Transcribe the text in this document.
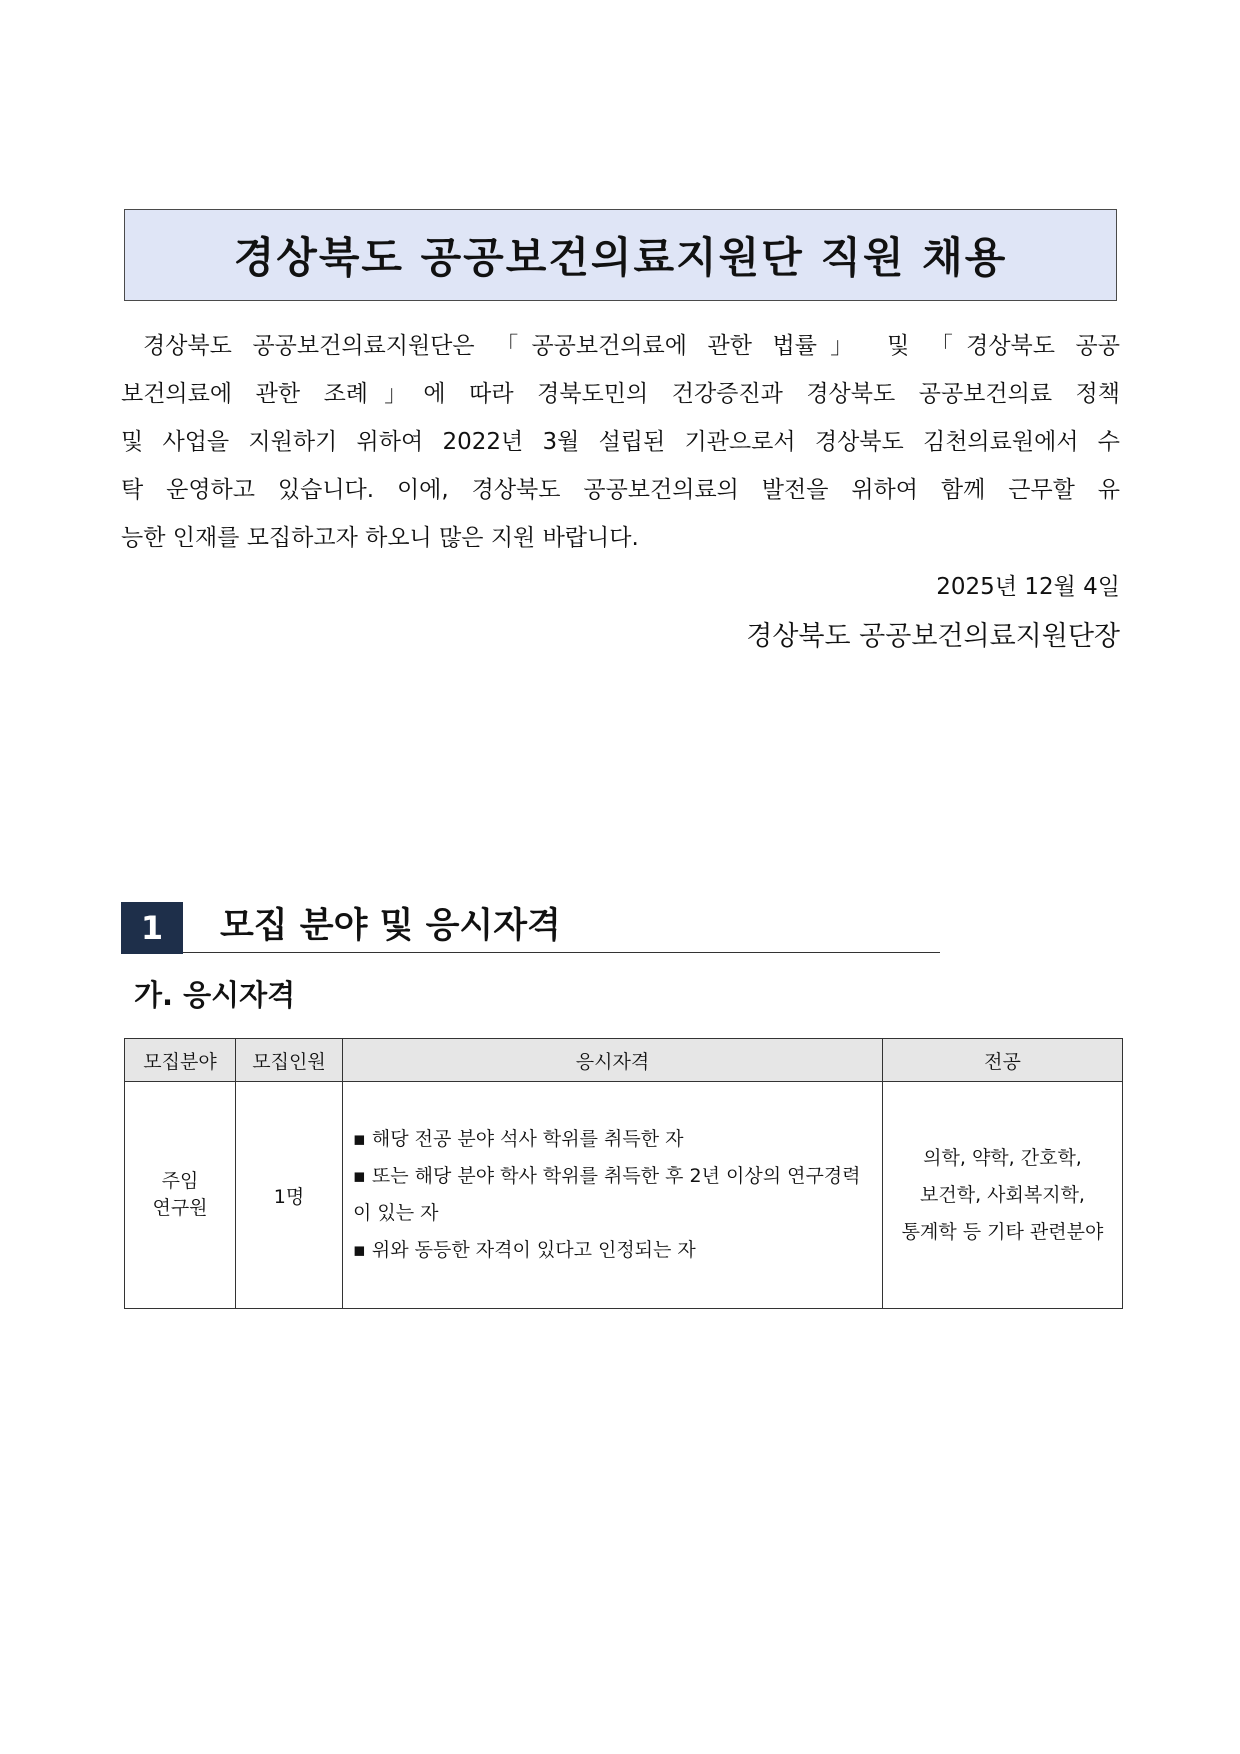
경상북도 공공보건의료지원단 직원 채용
경상북도 공공보건의료지원단은 「공공보건의료에 관한 법률」 및 「경상북도 공공
보건의료에 관한 조례」에 따라 경북도민의 건강증진과 경상북도 공공보건의료 정책
및 사업을 지원하기 위하여 2022년 3월 설립된 기관으로서 경상북도 김천의료원에서 수
탁 운영하고 있습니다. 이에, 경상북도 공공보건의료의 발전을 위하여 함께 근무할 유
능한 인재를 모집하고자 하오니 많은 지원 바랍니다.

2025년 12월 4일

경상북도 공공보건의료지원단장

1	모집 분야 및 응시자격
가. 응시자격
모집분야	모집인원	응시자격	전공

주임
연구원	1명	▪ 해당 전공 분야 석사 학위를 취득한 자
▪ 또는 해당 분야 학사 학위를 취득한 후 2년 이상의 연구경력이 있는 자
▪ 위와 동등한 자격이 있다고 인정되는 자	의학, 약학, 간호학,
보건학, 사회복지학,
통계학 등 기타 관련분야
